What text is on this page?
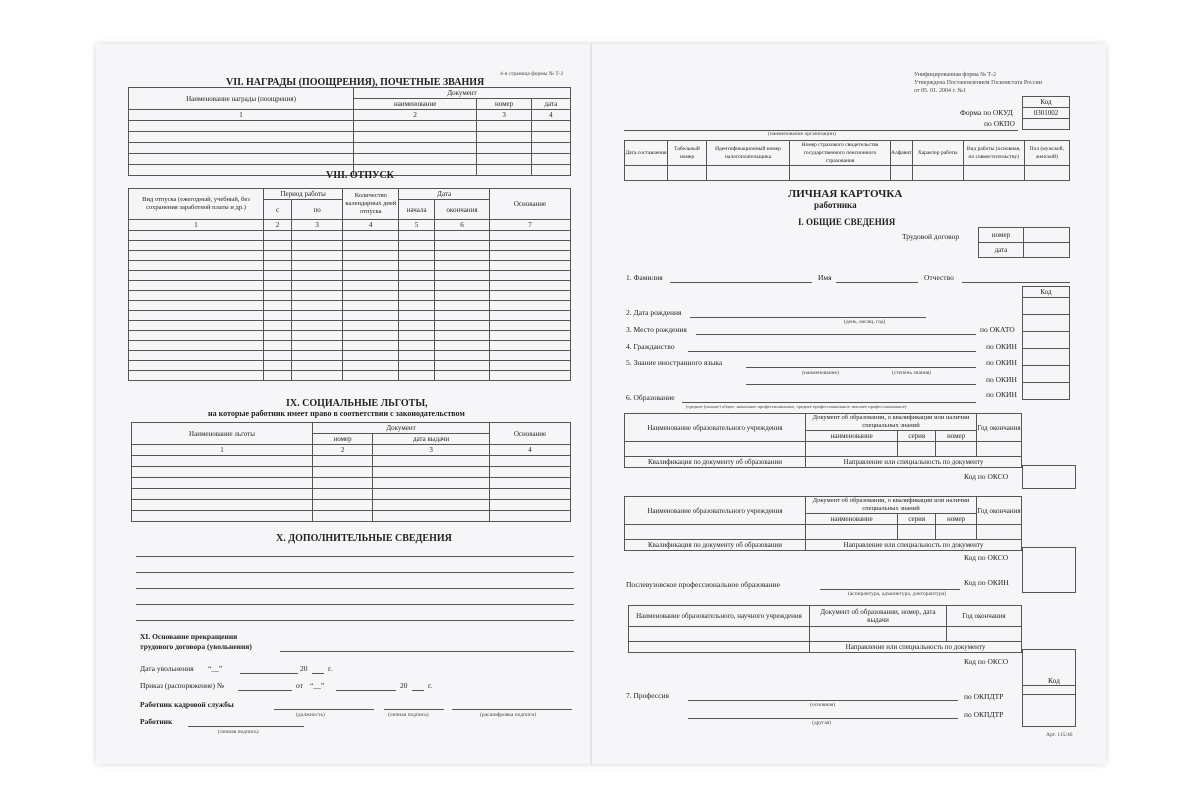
4-я страница формы № Т-2
VII. НАГРАДЫ (ПООЩРЕНИЯ), ПОЧЕТНЫЕ ЗВАНИЯ
Наименование награды (поощрения)	Документ		
	наименование	номер	дата
1	2	3	4

VIII. ОТПУСК
Вид отпуска (ежегодный, учебный, без сохранения заработной платы и др.)	Период работы		Количество календарных дней отпуска	Дата		Основание
	с	по		начала	окончания	
1	2	3	4	5	6	7

IX. СОЦИАЛЬНЫЕ ЛЬГОТЫ,
на которые работник имеет право в соответствии с законодательством
Наименование льготы	Документ		Основание
	номер	дата выдачи	
1	2	3	4

X. ДОПОЛНИТЕЛЬНЫЕ СВЕДЕНИЯ
XI. Основание прекращения
трудового договора (увольнения)
Дата увольнения “__”	20	г.
Приказ (распоряжение) №	от “__”	20	г.
Работник кадровой службы
(должность)	(личная подпись)	(расшифровка подписи)
Работник
(личная подпись)
Унифицированная форма № Т-2
Утверждена Постановлением Госкомстата России
от 05. 01. 2004 г. №1
Код
0301002

Форма по ОКУД
по ОКПО
(наименование организации)
Дата составления	Табельный номер	Идентификационный номер налогоплательщика	Номер страхового свидетельства государственного пенсионного страхования	Алфавит	Характер работы	Вид работы (основная, по совместительству)	Пол (мужской, женский)

ЛИЧНАЯ КАРТОЧКА
работника
I. ОБЩИЕ СВЕДЕНИЯ
Трудовой договор	номер	
дата	
1. Фамилия	Имя	Отчество
Код

2. Дата рождения
(день, месяц, год)
3. Место рождения	по ОКАТО
4. Гражданство	по ОКИН
5. Знание иностранного языка	по ОКИН
(наименование)	(степень знания)
по ОКИН
6. Образование	по ОКИН
(среднее (полное) общее, начальное профессиональное, среднее профессиональное, высшее профессиональное)
Наименование образовательного учреждения	Документ об образовании, о квалификации или наличии специальных знаний			Год окончания
	наименование	серия	номер	

Квалификация по документу об образовании	Направление или специальность по документу			
Код по ОКСО
Наименование образовательного учреждения	Документ об образовании, о квалификации или наличии специальных знаний			Год окончания
	наименование	серия	номер	

Квалификация по документу об образовании	Направление или специальность по документу			
Код по ОКСО
Послевузовское профессиональное образование
(аспирантура, адъюнктура, докторантура)
Код по ОКИН
Наименование образовательного, научного учреждения	Документ об образовании, номер, дата выдачи	Год окончания

	Направление или специальность по документу	
Код по ОКСО
Код
7. Профессия	по ОКПДТР
(основная)
по ОКПДТР
(другая)
Арт. 115/46
